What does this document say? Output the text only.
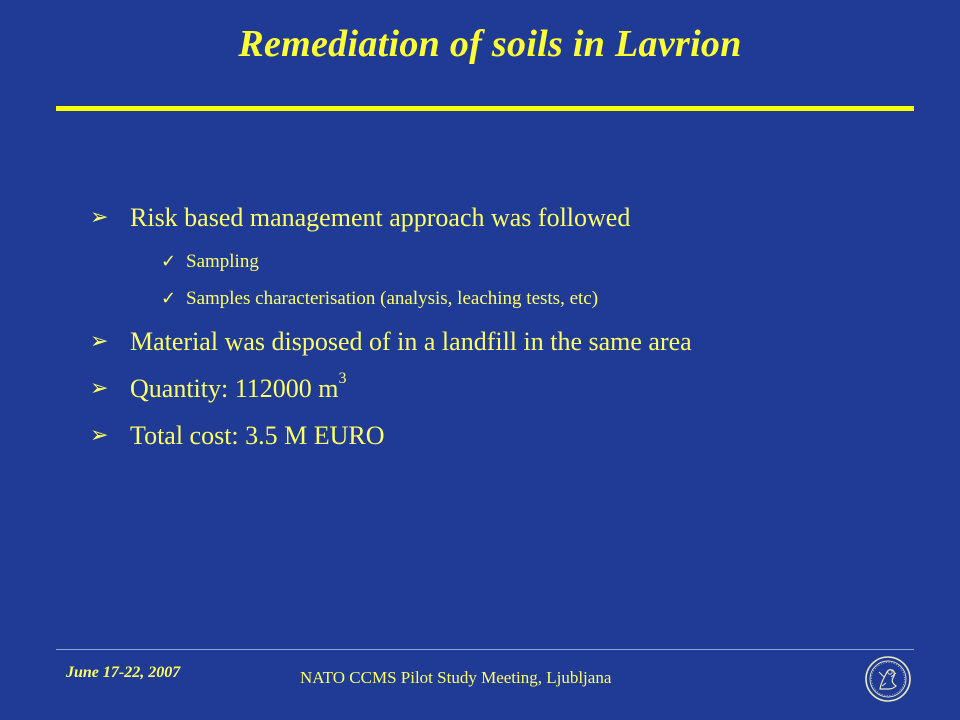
Remediation of soils in Lavrion
➢ Risk based management approach was followed
✓ Sampling
✓ Samples characterisation (analysis, leaching tests, etc)
➢ Material was disposed of in a landfill in the same area
➢ Quantity: 112000 $m^3$
➢ Total cost: 3.5 M EURO
June 17-22, 2007	NATO CCMS Pilot Study Meeting, Ljubljana
